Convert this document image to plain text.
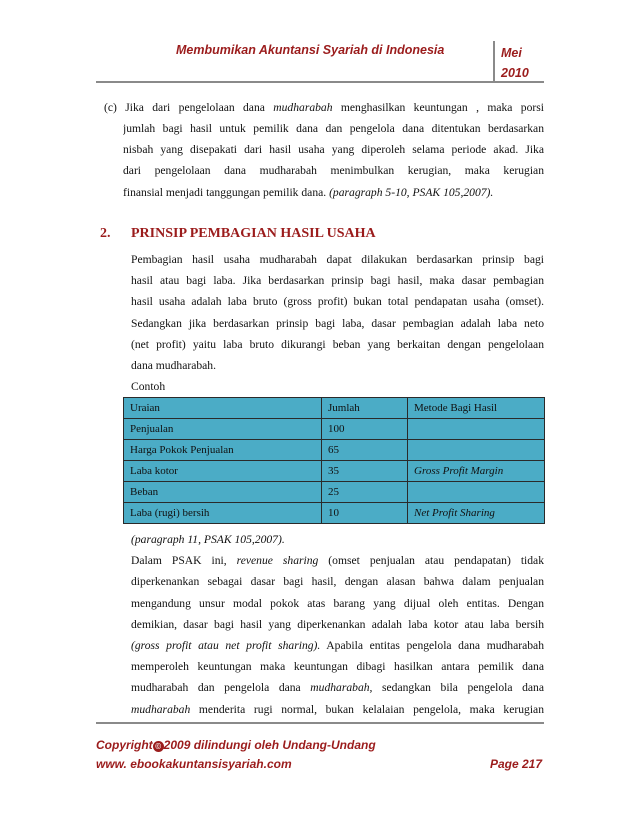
Membumikan Akuntansi Syariah di Indonesia	Mei
2010
(c) Jika dari pengelolaan dana mudharabah menghasilkan keuntungan , maka porsi
jumlah bagi hasil untuk pemilik dana dan pengelola dana ditentukan berdasarkan
nisbah yang disepakati dari hasil usaha yang diperoleh selama periode akad. Jika
dari pengelolaan dana mudharabah menimbulkan kerugian, maka kerugian
finansial menjadi tanggungan pemilik dana. (paragraph 5-10, PSAK 105,2007).
2. PRINSIP PEMBAGIAN HASIL USAHA
Pembagian hasil usaha mudharabah dapat dilakukan berdasarkan prinsip bagi
hasil atau bagi laba. Jika berdasarkan prinsip bagi hasil, maka dasar pembagian
hasil usaha adalah laba bruto (gross profit) bukan total pendapatan usaha (omset).
Sedangkan jika berdasarkan prinsip bagi laba, dasar pembagian adalah laba neto
(net profit) yaitu laba bruto dikurangi beban yang berkaitan dengan pengelolaan
dana mudharabah.
Contoh
Uraian	Jumlah	Metode Bagi Hasil
Penjualan	100	
Harga Pokok Penjualan	65	
Laba kotor	35	Gross Profit Margin
Beban	25	
Laba (rugi) bersih	10	Net Profit Sharing
(paragraph 11, PSAK 105,2007).
Dalam PSAK ini, revenue sharing (omset penjualan atau pendapatan) tidak
diperkenankan sebagai dasar bagi hasil, dengan alasan bahwa dalam penjualan
mengandung unsur modal pokok atas barang yang dijual oleh entitas. Dengan
demikian, dasar bagi hasil yang diperkenankan adalah laba kotor atau laba bersih
(gross profit atau net profit sharing). Apabila entitas pengelola dana mudharabah
memperoleh keuntungan maka keuntungan dibagi hasilkan antara pemilik dana
mudharabah dan pengelola dana mudharabah, sedangkan bila pengelola dana
mudharabah menderita rugi normal, bukan kelalaian pengelola, maka kerugian
Copyright © 2009 dilindungi oleh Undang-Undang
www. ebookakuntansisyariah.com	Page 217
